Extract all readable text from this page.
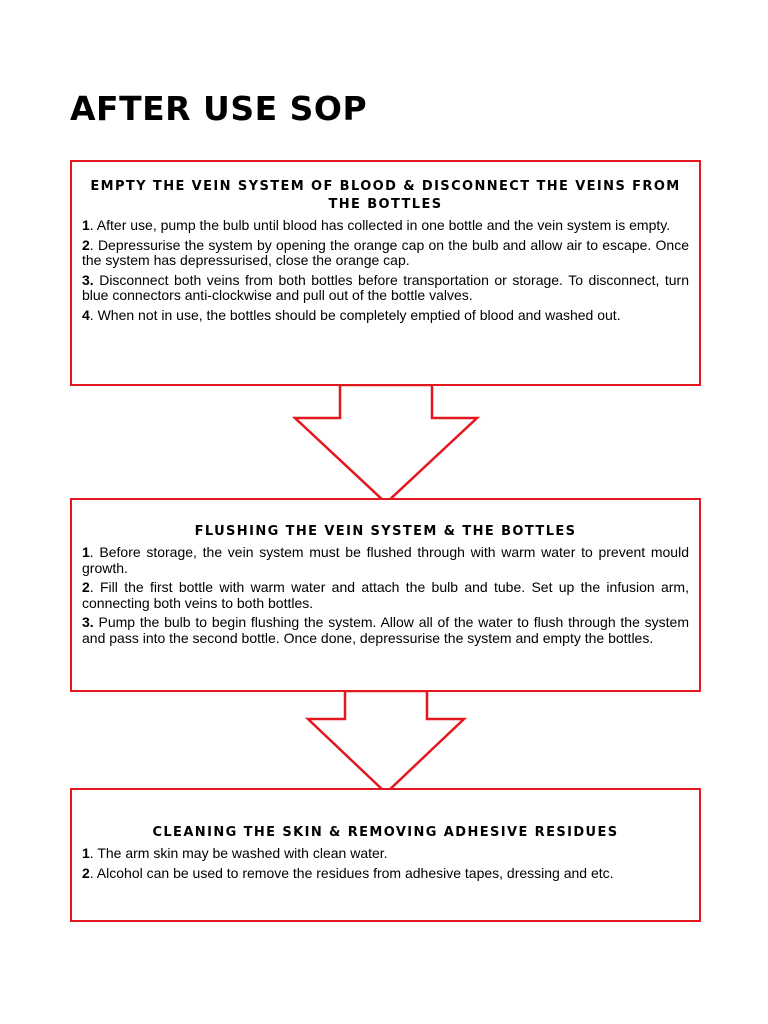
AFTER USE SOP
EMPTY THE VEIN SYSTEM OF BLOOD & DISCONNECT THE VEINS FROM THE BOTTLES
1. After use, pump the bulb until blood has collected in one bottle and the vein system is empty.
2. Depressurise the system by opening the orange cap on the bulb and allow air to escape. Once the system has depressurised, close the orange cap.
3. Disconnect both veins from both bottles before transportation or storage. To disconnect, turn blue connectors anti-clockwise and pull out of the bottle valves.
4. When not in use, the bottles should be completely emptied of blood and washed out.
FLUSHING THE VEIN SYSTEM & THE BOTTLES
1. Before storage, the vein system must be flushed through with warm water to prevent mould growth.
2. Fill the first bottle with warm water and attach the bulb and tube. Set up the infusion arm, connecting both veins to both bottles.
3. Pump the bulb to begin flushing the system. Allow all of the water to flush through the system and pass into the second bottle. Once done, depressurise the system and empty the bottles.
CLEANING THE SKIN & REMOVING ADHESIVE RESIDUES
1. The arm skin may be washed with clean water.
2. Alcohol can be used to remove the residues from adhesive tapes, dressing and etc.
